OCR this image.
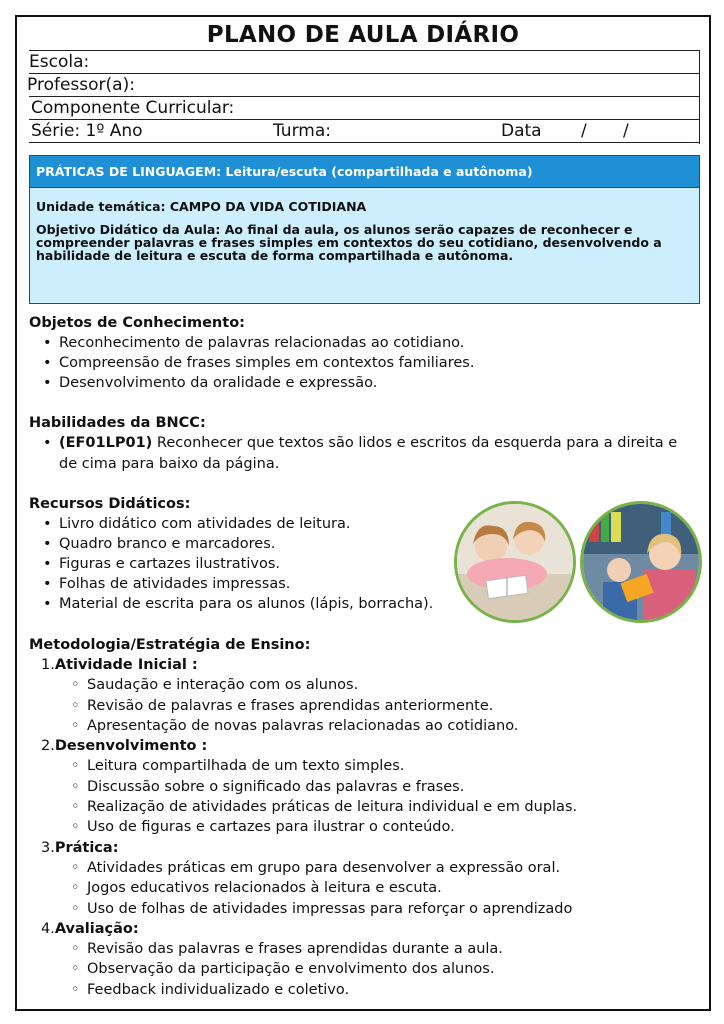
PLANO DE AULA DIÁRIO
Escola:
Professor(a):
Componente Curricular:
Série: 1º Ano	Turma:	Data / /
PRÁTICAS DE LINGUAGEM: Leitura/escuta (compartilhada e autônoma)

Unidade temática: CAMPO DA VIDA COTIDIANA

Objetivo Didático da Aula: Ao final da aula, os alunos serão capazes de reconhecer e compreender palavras e frases simples em contextos do seu cotidiano, desenvolvendo a habilidade de leitura e escuta de forma compartilhada e autônoma.

Objetos de Conhecimento:
• Reconhecimento de palavras relacionadas ao cotidiano.
• Compreensão de frases simples em contextos familiares.
• Desenvolvimento da oralidade e expressão.
Habilidades da BNCC:
• (EF01LP01) Reconhecer que textos são lidos e escritos da esquerda para a direita e de cima para baixo da página.
Recursos Didáticos:
• Livro didático com atividades de leitura.
• Quadro branco e marcadores.
• Figuras e cartazes ilustrativos.
• Folhas de atividades impressas.
• Material de escrita para os alunos (lápis, borracha).
Metodologia/Estratégia de Ensino:
1.Atividade Inicial :
◦ Saudação e interação com os alunos.
◦ Revisão de palavras e frases aprendidas anteriormente.
◦ Apresentação de novas palavras relacionadas ao cotidiano.
2.Desenvolvimento :
◦ Leitura compartilhada de um texto simples.
◦ Discussão sobre o significado das palavras e frases.
◦ Realização de atividades práticas de leitura individual e em duplas.
◦ Uso de figuras e cartazes para ilustrar o conteúdo.
3.Prática:
◦ Atividades práticas em grupo para desenvolver a expressão oral.
◦ Jogos educativos relacionados à leitura e escuta.
◦ Uso de folhas de atividades impressas para reforçar o aprendizado
4.Avaliação:
◦ Revisão das palavras e frases aprendidas durante a aula.
◦ Observação da participação e envolvimento dos alunos.
◦ Feedback individualizado e coletivo.
